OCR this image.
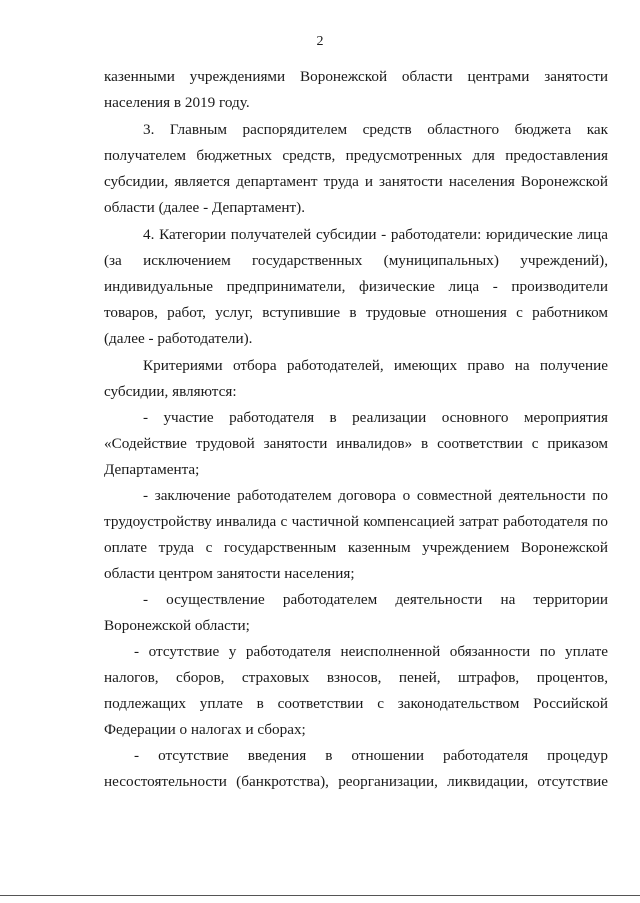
2
казенными учреждениями Воронежской области центрами занятости
населения в 2019 году.
3. Главным распорядителем средств областного бюджета как
получателем бюджетных средств, предусмотренных для предоставления
субсидии, является департамент труда и занятости населения Воронежской
области (далее - Департамент).
4. Категории получателей субсидии - работодатели: юридические лица
(за исключением государственных (муниципальных) учреждений),
индивидуальные предприниматели, физические лица - производители
товаров, работ, услуг, вступившие в трудовые отношения с работником
(далее - работодатели).
Критериями отбора работодателей, имеющих право на получение
субсидии, являются:
- участие работодателя в реализации основного мероприятия
«Содействие трудовой занятости инвалидов» в соответствии с приказом
Департамента;
- заключение работодателем договора о совместной деятельности по
трудоустройству инвалида с частичной компенсацией затрат работодателя по
оплате труда с государственным казенным учреждением Воронежской
области центром занятости населения;
- осуществление работодателем деятельности на территории
Воронежской области;
- отсутствие у работодателя неисполненной обязанности по уплате
налогов, сборов, страховых взносов, пеней, штрафов, процентов,
подлежащих уплате в соответствии с законодательством Российской
Федерации о налогах и сборах;
- отсутствие введения в отношении работодателя процедур
несостоятельности (банкротства), реорганизации, ликвидации, отсутствие
